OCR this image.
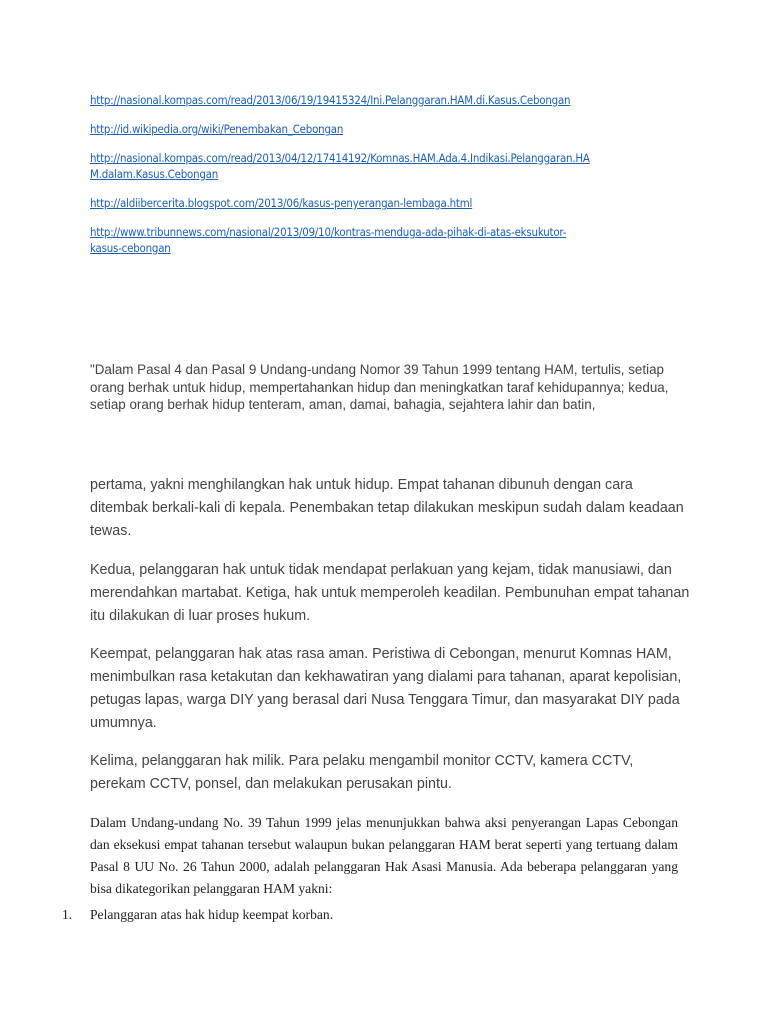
http://nasional.kompas.com/read/2013/06/19/19415324/Ini.Pelanggaran.HAM.di.Kasus.Cebongan
http://id.wikipedia.org/wiki/Penembakan_Cebongan
http://nasional.kompas.com/read/2013/04/12/17414192/Komnas.HAM.Ada.4.Indikasi.Pelanggaran.HA
M.dalam.Kasus.Cebongan
http://aldiibercerita.blogspot.com/2013/06/kasus-penyerangan-lembaga.html
http://www.tribunnews.com/nasional/2013/09/10/kontras-menduga-ada-pihak-di-atas-eksukutor-
kasus-cebongan

"Dalam Pasal 4 dan Pasal 9 Undang-undang Nomor 39 Tahun 1999 tentang HAM, tertulis, setiap orang berhak untuk hidup, mempertahankan hidup dan meningkatkan taraf kehidupannya; kedua, setiap orang berhak hidup tenteram, aman, damai, bahagia, sejahtera lahir dan batin,

pertama, yakni menghilangkan hak untuk hidup. Empat tahanan dibunuh dengan cara ditembak berkali-kali di kepala. Penembakan tetap dilakukan meskipun sudah dalam keadaan tewas.

Kedua, pelanggaran hak untuk tidak mendapat perlakuan yang kejam, tidak manusiawi, dan merendahkan martabat. Ketiga, hak untuk memperoleh keadilan. Pembunuhan empat tahanan itu dilakukan di luar proses hukum.

Keempat, pelanggaran hak atas rasa aman. Peristiwa di Cebongan, menurut Komnas HAM, menimbulkan rasa ketakutan dan kekhawatiran yang dialami para tahanan, aparat kepolisian, petugas lapas, warga DIY yang berasal dari Nusa Tenggara Timur, dan masyarakat DIY pada umumnya.

Kelima, pelanggaran hak milik. Para pelaku mengambil monitor CCTV, kamera CCTV, perekam CCTV, ponsel, dan melakukan perusakan pintu.

Dalam Undang-undang No. 39 Tahun 1999 jelas menunjukkan bahwa aksi penyerangan Lapas Cebongan dan eksekusi empat tahanan tersebut walaupun bukan pelanggaran HAM berat seperti yang tertuang dalam Pasal 8 UU No. 26 Tahun 2000, adalah pelanggaran Hak Asasi Manusia. Ada beberapa pelanggaran yang bisa dikategorikan pelanggaran HAM yakni:

1. Pelanggaran atas hak hidup keempat korban.
